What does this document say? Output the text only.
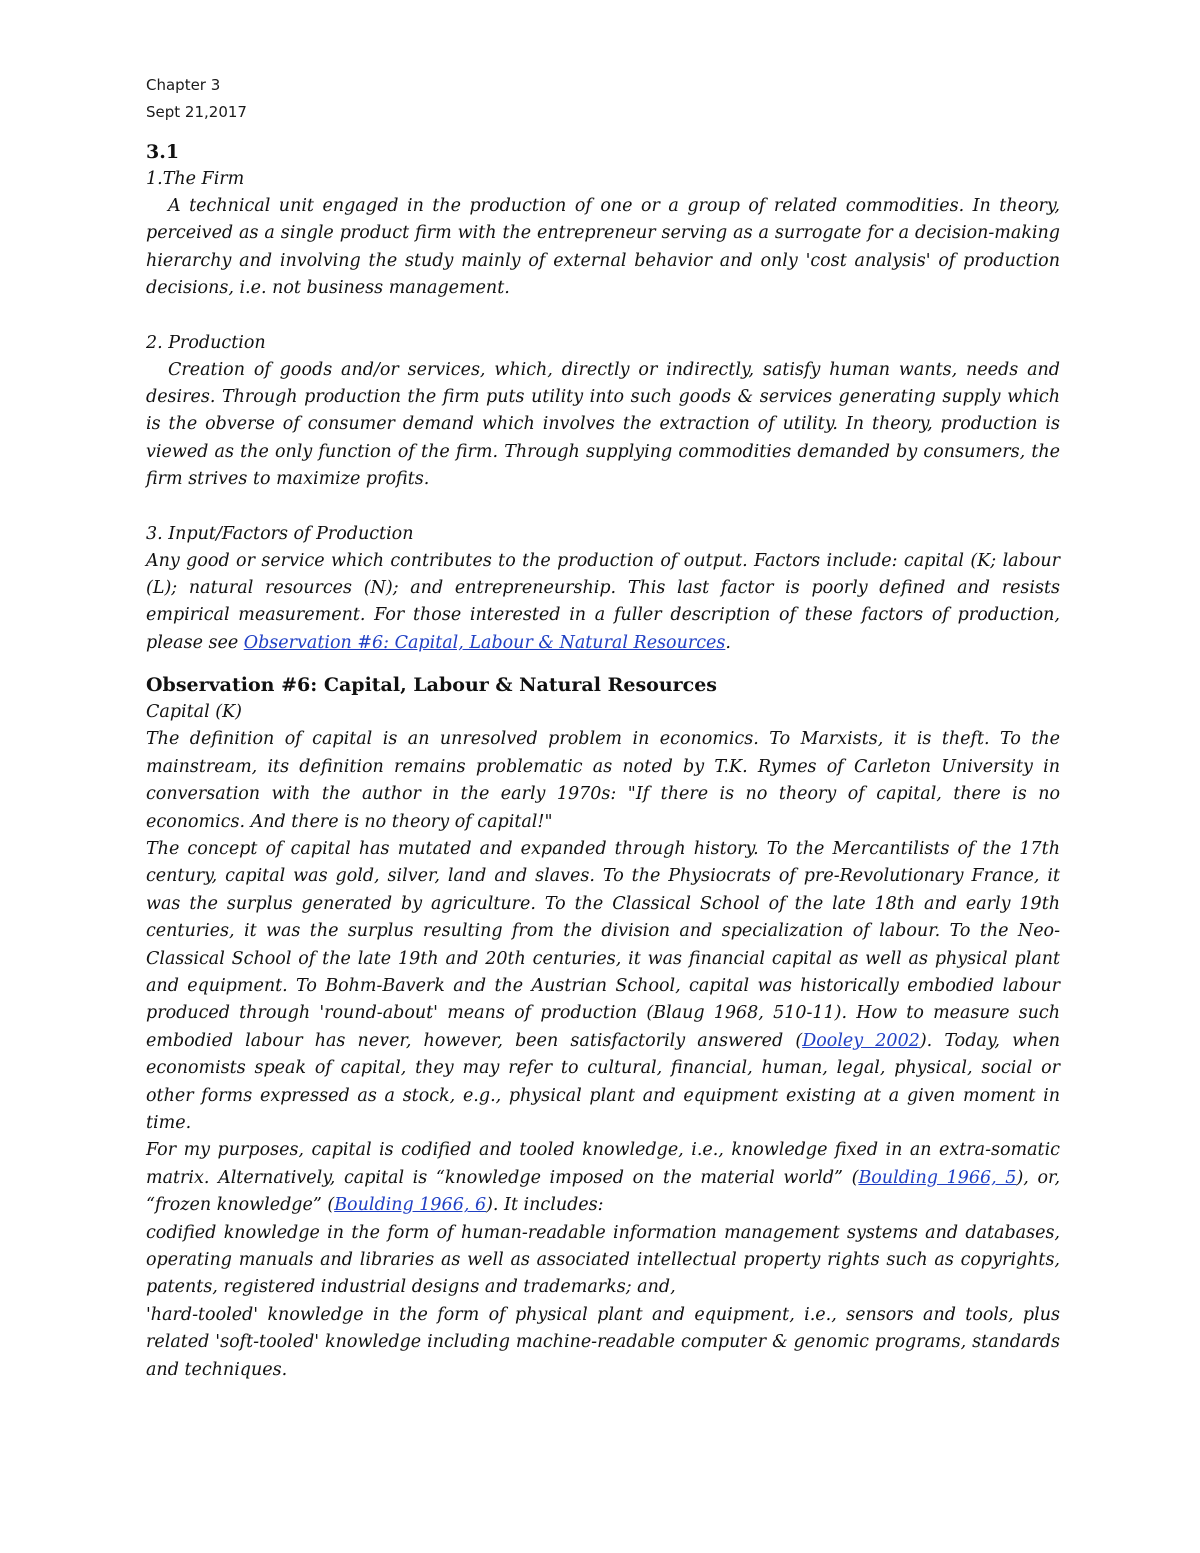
Chapter 3

Sept 21,2017

3.1

1.The Firm

A technical unit engaged in the production of one or a group of related commodities. In theory, perceived as a single product firm with the entrepreneur serving as a surrogate for a decision-making hierarchy and involving the study mainly of external behavior and only 'cost analysis' of production decisions, i.e. not business management.

2. Production

Creation of goods and/or services, which, directly or indirectly, satisfy human wants, needs and desires. Through production the firm puts utility into such goods & services generating supply which is the obverse of consumer demand which involves the extraction of utility. In theory, production is viewed as the only function of the firm. Through supplying commodities demanded by consumers, the firm strives to maximize profits.

3. Input/Factors of Production

Any good or service which contributes to the production of output. Factors include: capital (K; labour (L); natural resources (N); and entrepreneurship. This last factor is poorly defined and resists empirical measurement. For those interested in a fuller description of these factors of production, please see Observation #6: Capital, Labour & Natural Resources.

Observation #6: Capital, Labour & Natural Resources

Capital (K)

The definition of capital is an unresolved problem in economics. To Marxists, it is theft. To the mainstream, its definition remains problematic as noted by T.K. Rymes of Carleton University in conversation with the author in the early 1970s: "If there is no theory of capital, there is no economics. And there is no theory of capital!"

The concept of capital has mutated and expanded through history. To the Mercantilists of the 17th century, capital was gold, silver, land and slaves. To the Physiocrats of pre-Revolutionary France, it was the surplus generated by agriculture. To the Classical School of the late 18th and early 19th centuries, it was the surplus resulting from the division and specialization of labour. To the Neo-Classical School of the late 19th and 20th centuries, it was financial capital as well as physical plant and equipment. To Bohm-Baverk and the Austrian School, capital was historically embodied labour produced through 'round-about' means of production (Blaug 1968, 510-11). How to measure such embodied labour has never, however, been satisfactorily answered (Dooley 2002). Today, when economists speak of capital, they may refer to cultural, financial, human, legal, physical, social or other forms expressed as a stock, e.g., physical plant and equipment existing at a given moment in time.

For my purposes, capital is codified and tooled knowledge, i.e., knowledge fixed in an extra-somatic matrix. Alternatively, capital is “knowledge imposed on the material world” (Boulding 1966, 5), or, “frozen knowledge” (Boulding 1966, 6). It includes:

codified knowledge in the form of human-readable information management systems and databases, operating manuals and libraries as well as associated intellectual property rights such as copyrights, patents, registered industrial designs and trademarks; and,

'hard-tooled' knowledge in the form of physical plant and equipment, i.e., sensors and tools, plus related 'soft-tooled' knowledge including machine-readable computer & genomic programs, standards and techniques.
